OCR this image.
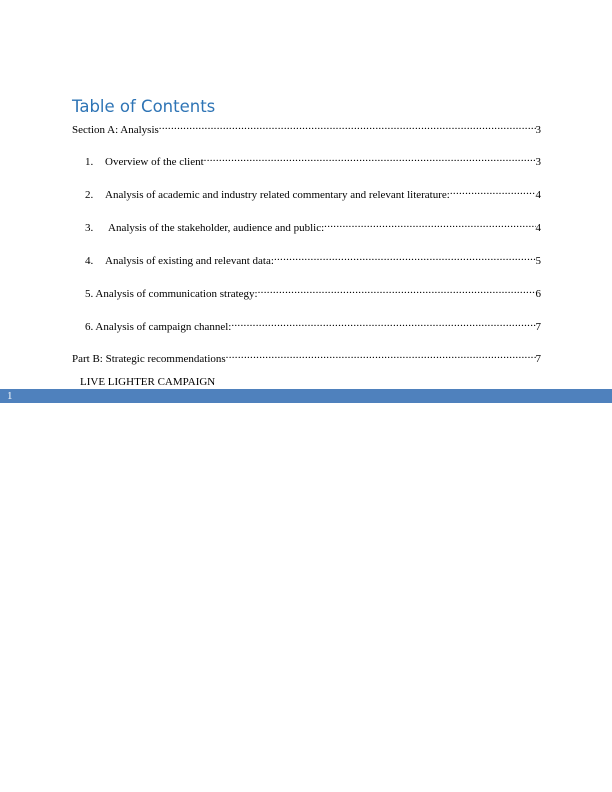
Table of Contents
Section A: Analysis .....	3
1.	Overview of the client .....	3
2.	Analysis of academic and industry related commentary and relevant literature: .....	4
3.	Analysis of the stakeholder, audience and public: .....	4
4.	Analysis of existing and relevant data: .....	5
5. Analysis of communication strategy: .....	6
6. Analysis of campaign channel: .....	7
Part B: Strategic recommendations .....	7

LIVE LIGHTER CAMPAIGN

1
